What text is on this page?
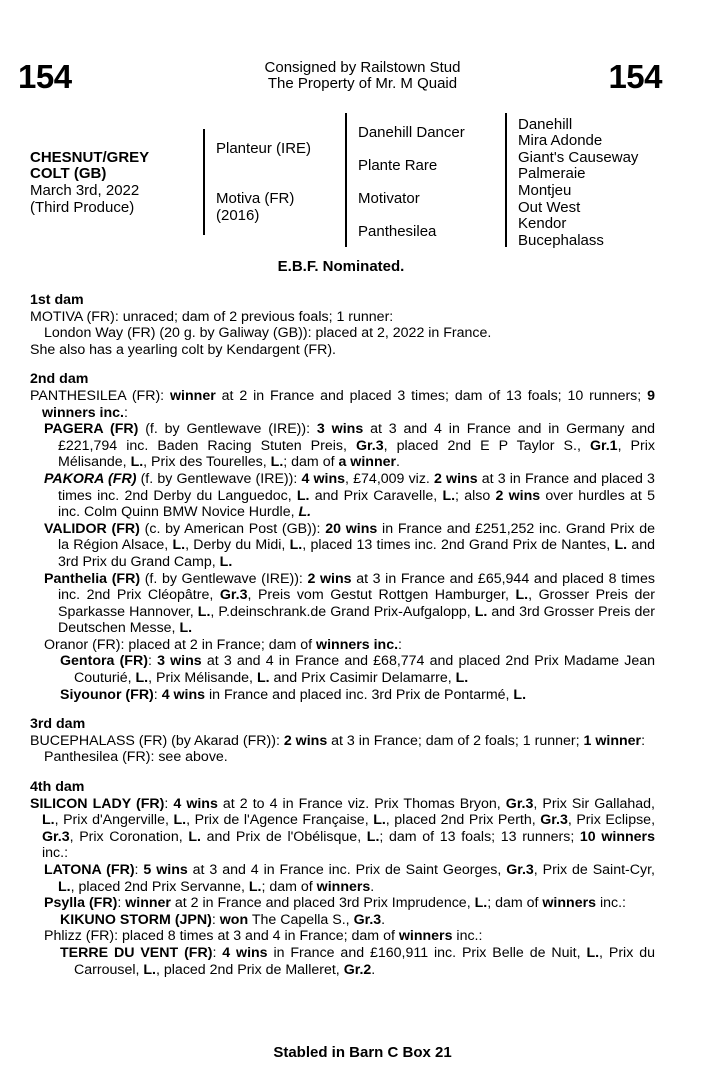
154	154
Consigned by Railstown Stud
The Property of Mr. M Quaid
CHESNUT/GREY
COLT (GB)
March 3rd, 2022
(Third Produce)
Planteur (IRE)
Motiva (FR)
(2016)
Danehill Dancer
Plante Rare
Motivator
Panthesilea
Danehill
Mira Adonde
Giant's Causeway
Palmeraie
Montjeu
Out West
Kendor
Bucephalass
E.B.F. Nominated.
1st dam
MOTIVA (FR): unraced; dam of 2 previous foals; 1 runner:
London Way (FR) (20 g. by Galiway (GB)): placed at 2, 2022 in France.
She also has a yearling colt by Kendargent (FR).
2nd dam
PANTHESILEA (FR): winner at 2 in France and placed 3 times; dam of 13 foals; 10 runners; 9 winners inc.:
PAGERA (FR) (f. by Gentlewave (IRE)): 3 wins at 3 and 4 in France and in Germany and £221,794 inc. Baden Racing Stuten Preis, Gr.3, placed 2nd E P Taylor S., Gr.1, Prix Mélisande, L., Prix des Tourelles, L.; dam of a winner.
PAKORA (FR) (f. by Gentlewave (IRE)): 4 wins, £74,009 viz. 2 wins at 3 in France and placed 3 times inc. 2nd Derby du Languedoc, L. and Prix Caravelle, L.; also 2 wins over hurdles at 5 inc. Colm Quinn BMW Novice Hurdle, L.
VALIDOR (FR) (c. by American Post (GB)): 20 wins in France and £251,252 inc. Grand Prix de la Région Alsace, L., Derby du Midi, L., placed 13 times inc. 2nd Grand Prix de Nantes, L. and 3rd Prix du Grand Camp, L.
Panthelia (FR) (f. by Gentlewave (IRE)): 2 wins at 3 in France and £65,944 and placed 8 times inc. 2nd Prix Cléopâtre, Gr.3, Preis vom Gestut Rottgen Hamburger, L., Grosser Preis der Sparkasse Hannover, L., P.deinschrank.de Grand Prix-Aufgalopp, L. and 3rd Grosser Preis der Deutschen Messe, L.
Oranor (FR): placed at 2 in France; dam of winners inc.:
Gentora (FR): 3 wins at 3 and 4 in France and £68,774 and placed 2nd Prix Madame Jean Couturié, L., Prix Mélisande, L. and Prix Casimir Delamarre, L.
Siyounor (FR): 4 wins in France and placed inc. 3rd Prix de Pontarmé, L.
3rd dam
BUCEPHALASS (FR) (by Akarad (FR)): 2 wins at 3 in France; dam of 2 foals; 1 runner; 1 winner:
Panthesilea (FR): see above.
4th dam
SILICON LADY (FR): 4 wins at 2 to 4 in France viz. Prix Thomas Bryon, Gr.3, Prix Sir Gallahad, L., Prix d'Angerville, L., Prix de l'Agence Française, L., placed 2nd Prix Perth, Gr.3, Prix Eclipse, Gr.3, Prix Coronation, L. and Prix de l'Obélisque, L.; dam of 13 foals; 13 runners; 10 winners inc.:
LATONA (FR): 5 wins at 3 and 4 in France inc. Prix de Saint Georges, Gr.3, Prix de Saint-Cyr, L., placed 2nd Prix Servanne, L.; dam of winners.
Psylla (FR): winner at 2 in France and placed 3rd Prix Imprudence, L.; dam of winners inc.:
KIKUNO STORM (JPN): won The Capella S., Gr.3.
Phlizz (FR): placed 8 times at 3 and 4 in France; dam of winners inc.:
TERRE DU VENT (FR): 4 wins in France and £160,911 inc. Prix Belle de Nuit, L., Prix du Carrousel, L., placed 2nd Prix de Malleret, Gr.2.
Stabled in Barn C Box 21
